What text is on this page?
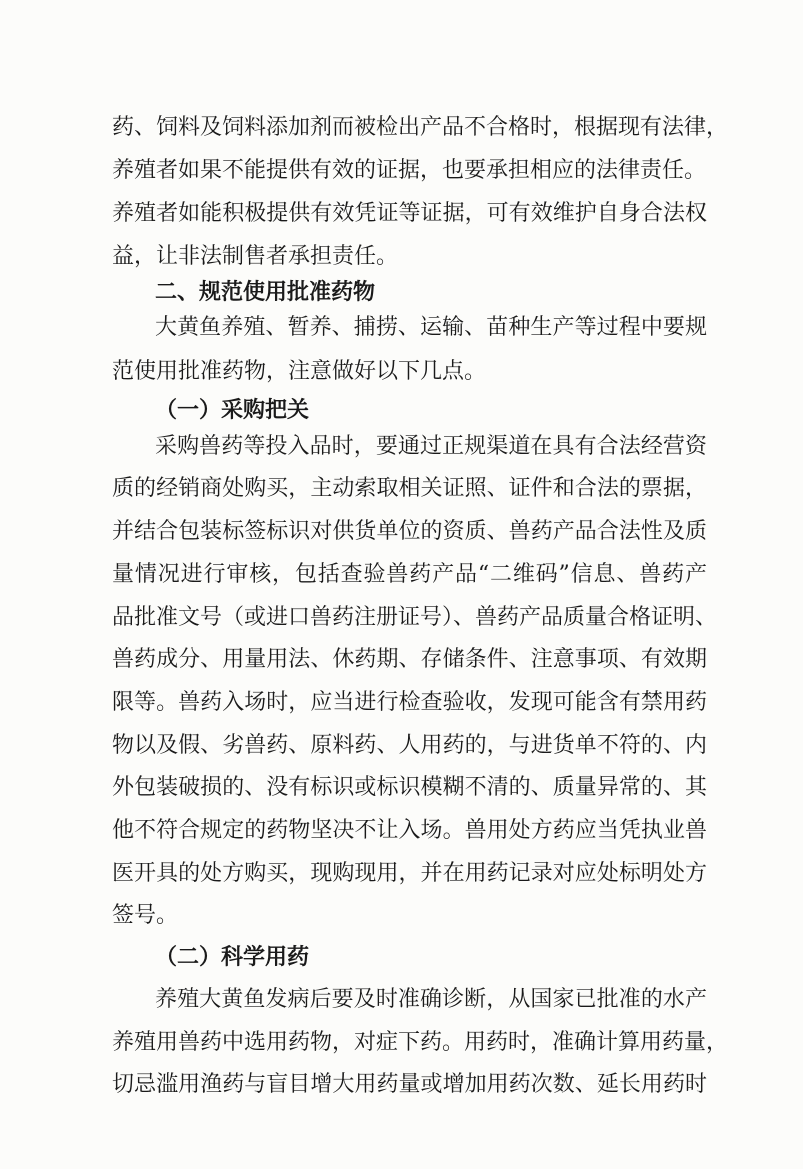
药、饲料及饲料添加剂而被检出产品不合格时，根据现有法律，
养殖者如果不能提供有效的证据，也要承担相应的法律责任。
养殖者如能积极提供有效凭证等证据，可有效维护自身合法权
益，让非法制售者承担责任。
二、规范使用批准药物
大黄鱼养殖、暂养、捕捞、运输、苗种生产等过程中要规
范使用批准药物，注意做好以下几点。
（一）采购把关
采购兽药等投入品时，要通过正规渠道在具有合法经营资
质的经销商处购买，主动索取相关证照、证件和合法的票据，
并结合包装标签标识对供货单位的资质、兽药产品合法性及质
量情况进行审核，包括查验兽药产品“二维码”信息、兽药产
品批准文号（或进口兽药注册证号）、兽药产品质量合格证明、
兽药成分、用量用法、休药期、存储条件、注意事项、有效期
限等。兽药入场时，应当进行检查验收，发现可能含有禁用药
物以及假、劣兽药、原料药、人用药的，与进货单不符的、内
外包装破损的、没有标识或标识模糊不清的、质量异常的、其
他不符合规定的药物坚决不让入场。兽用处方药应当凭执业兽
医开具的处方购买，现购现用，并在用药记录对应处标明处方
签号。
（二）科学用药
养殖大黄鱼发病后要及时准确诊断，从国家已批准的水产
养殖用兽药中选用药物，对症下药。用药时，准确计算用药量，
切忌滥用渔药与盲目增大用药量或增加用药次数、延长用药时
